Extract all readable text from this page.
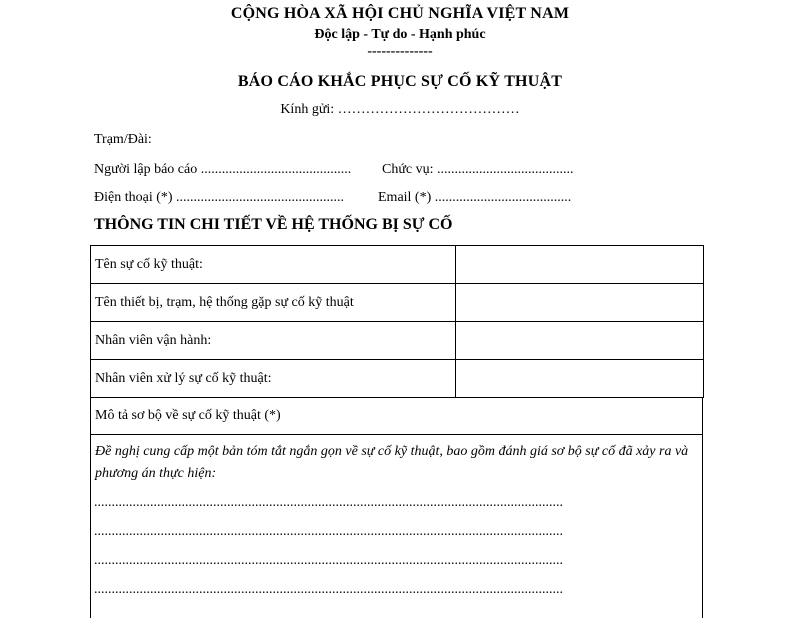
CỘNG HÒA XÃ HỘI CHỦ NGHĨA VIỆT NAM
Độc lập - Tự do - Hạnh phúc
--------------
BÁO CÁO KHẮC PHỤC SỰ CỐ KỸ THUẬT
Kính gửi: …………………………………
Trạm/Đài:
Người lập báo cáo ........................................... Chức vụ: .......................................
Điện thoại (*) ................................................ Email (*) .......................................
THÔNG TIN CHI TIẾT VỀ HỆ THỐNG BỊ SỰ CỐ
Tên sự cố kỹ thuật:	
Tên thiết bị, trạm, hệ thống gặp sự cố kỹ thuật	
Nhân viên vận hành:	
Nhân viên xử lý sự cố kỹ thuật:	
Mô tả sơ bộ về sự cố kỹ thuật (*)
Đề nghị cung cấp một bản tóm tắt ngắn gọn về sự cố kỹ thuật, bao gồm đánh giá sơ bộ sự cố đã xảy ra và phương án thực hiện:
......................................................................................................................................
......................................................................................................................................
......................................................................................................................................
......................................................................................................................................
